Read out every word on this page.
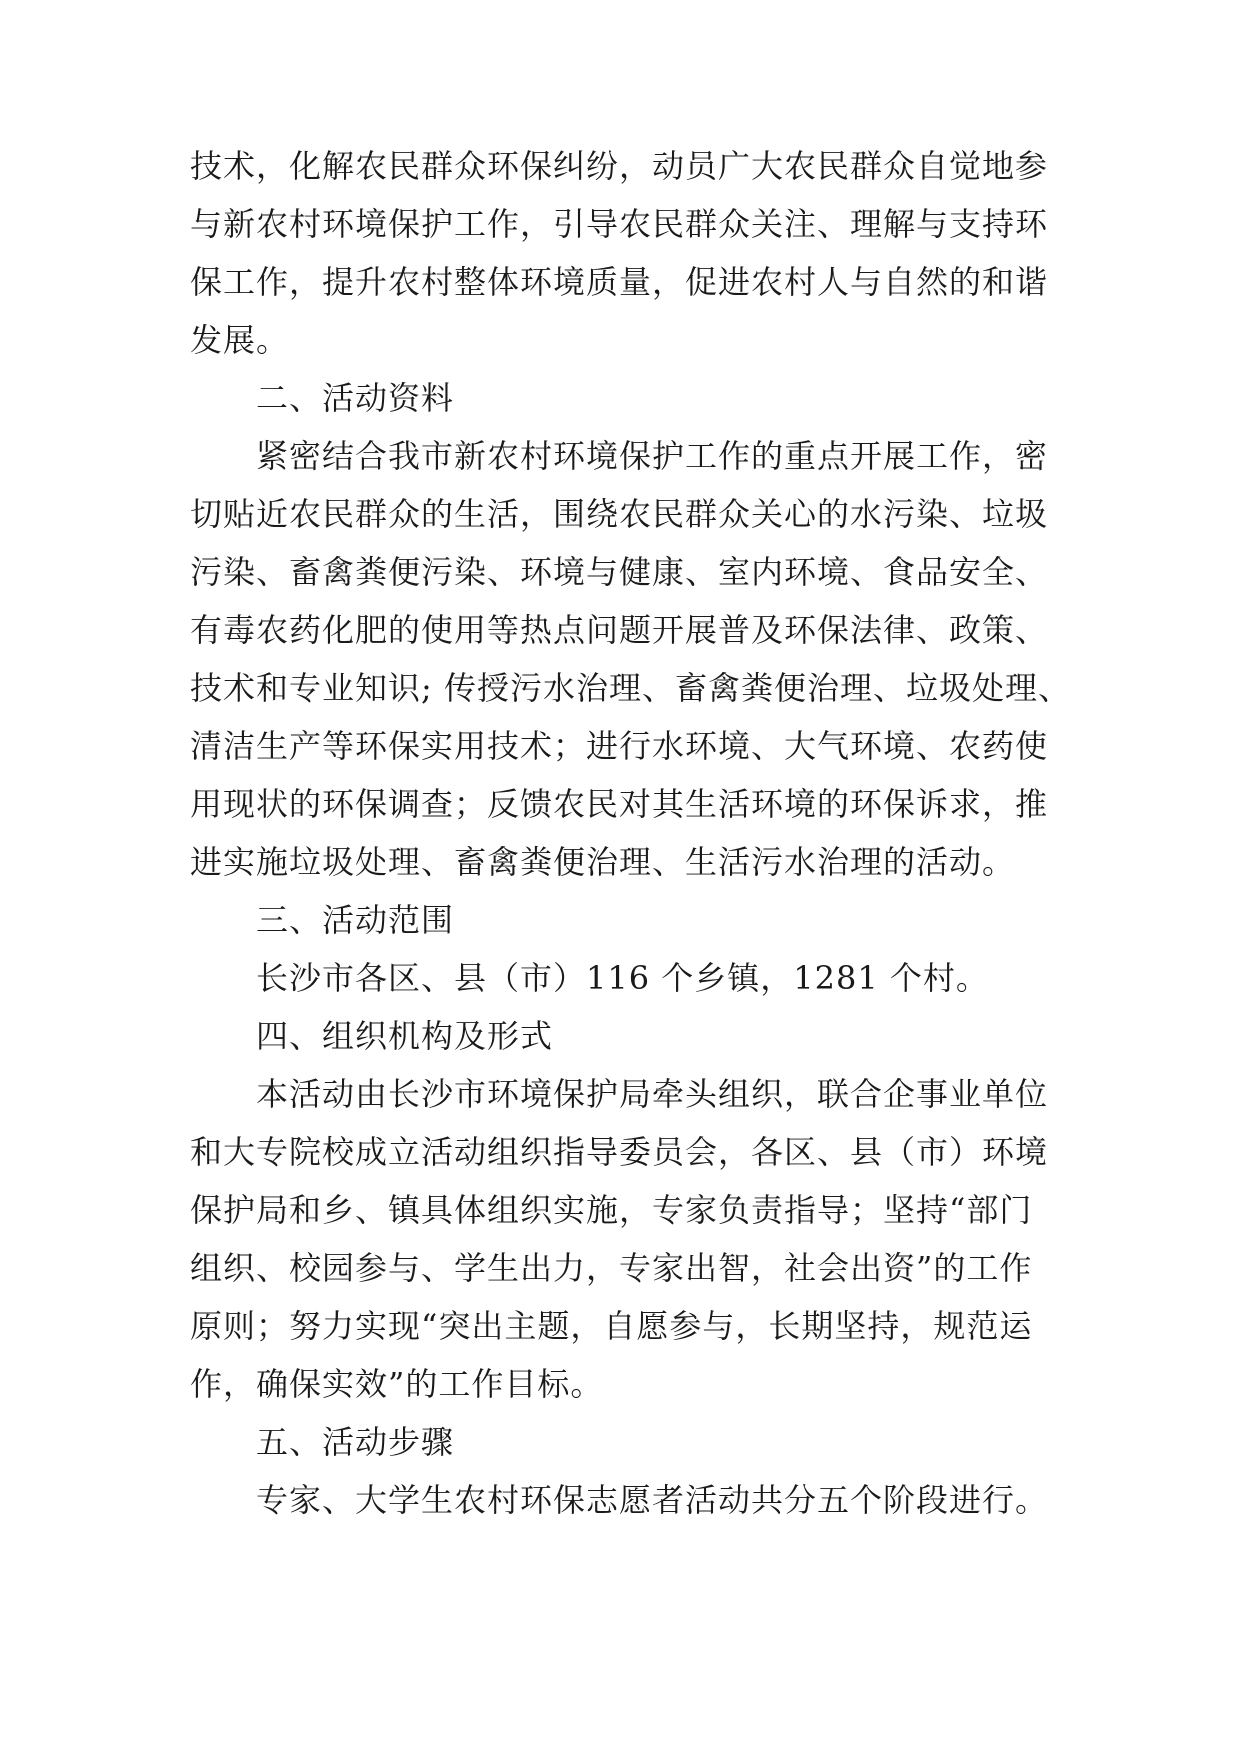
技术，化解农民群众环保纠纷，动员广大农民群众自觉地参
与新农村环境保护工作，引导农民群众关注、理解与支持环
保工作，提升农村整体环境质量，促进农村人与自然的和谐
发展。
二、活动资料
紧密结合我市新农村环境保护工作的重点开展工作，密
切贴近农民群众的生活，围绕农民群众关心的水污染、垃圾
污染、畜禽粪便污染、环境与健康、室内环境、食品安全、
有毒农药化肥的使用等热点问题开展普及环保法律、政策、
技术和专业知识; 传授污水治理、畜禽粪便治理、垃圾处理、
清洁生产等环保实用技术；进行水环境、大气环境、农药使
用现状的环保调查；反馈农民对其生活环境的环保诉求，推
进实施垃圾处理、畜禽粪便治理、生活污水治理的活动。
三、活动范围
长沙市各区、县（市）116 个乡镇，1281 个村。
四、组织机构及形式
本活动由长沙市环境保护局牵头组织，联合企事业单位
和大专院校成立活动组织指导委员会，各区、县（市）环境
保护局和乡、镇具体组织实施，专家负责指导；坚持“部门
组织、校园参与、学生出力，专家出智，社会出资”的工作
原则；努力实现“突出主题，自愿参与，长期坚持，规范运
作，确保实效”的工作目标。
五、活动步骤
专家、大学生农村环保志愿者活动共分五个阶段进行。
